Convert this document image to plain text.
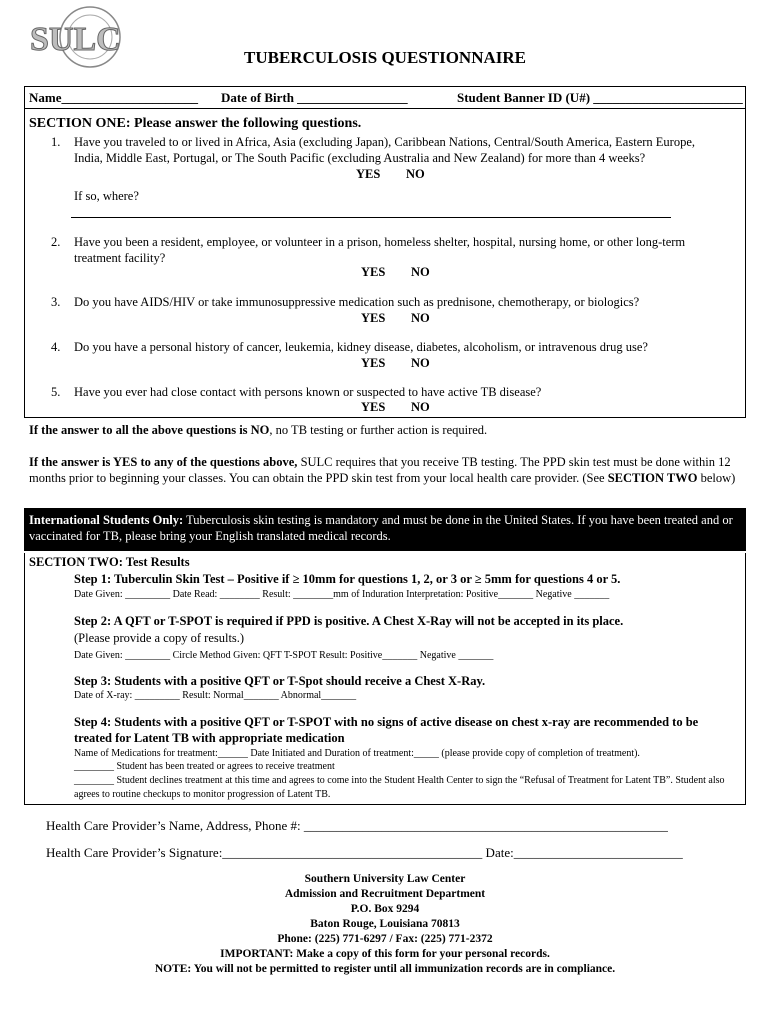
SULC	TUBERCULOSIS QUESTIONNAIRE
Name_____________________ Date of Birth _________________	Student Banner ID (U#) _______________________
SECTION ONE: Please answer the following questions.
1. Have you traveled to or lived in Africa, Asia (excluding Japan), Caribbean Nations, Central/South America, Eastern Europe, India, Middle East, Portugal, or The South Pacific (excluding Australia and New Zealand) for more than 4 weeks?
YES NO
If so, where?
2. Have you been a resident, employee, or volunteer in a prison, homeless shelter, hospital, nursing home, or other long-term treatment facility?
YES NO
3. Do you have AIDS/HIV or take immunosuppressive medication such as prednisone, chemotherapy, or biologics?
YES NO
4. Do you have a personal history of cancer, leukemia, kidney disease, diabetes, alcoholism, or intravenous drug use?
YES NO
5. Have you ever had close contact with persons known or suspected to have active TB disease?
YES NO
If the answer to all the above questions is NO, no TB testing or further action is required.
If the answer is YES to any of the questions above, SULC requires that you receive TB testing. The PPD skin test must be done within 12 months prior to beginning your classes. You can obtain the PPD skin test from your local health care provider. (See SECTION TWO below)
International Students Only: Tuberculosis skin testing is mandatory and must be done in the United States. If you have been treated and or vaccinated for TB, please bring your English translated medical records.
SECTION TWO: Test Results
Step 1: Tuberculin Skin Test – Positive if ≥ 10mm for questions 1, 2, or 3 or ≥ 5mm for questions 4 or 5.
Date Given: _________ Date Read: ________ Result: ________mm of Induration Interpretation: Positive_______ Negative _______
Step 2: A QFT or T-SPOT is required if PPD is positive. A Chest X-Ray will not be accepted in its place.
(Please provide a copy of results.)
Date Given: _________ Circle Method Given: QFT T-SPOT Result: Positive_______ Negative _______
Step 3: Students with a positive QFT or T-Spot should receive a Chest X-Ray.
Date of X-ray: _________ Result: Normal_______ Abnormal_______
Step 4: Students with a positive QFT or T-SPOT with no signs of active disease on chest x-ray are recommended to be treated for Latent TB with appropriate medication
Name of Medications for treatment:______ Date Initiated and Duration of treatment:_____ (please provide copy of completion of treatment).
________ Student has been treated or agrees to receive treatment
________ Student declines treatment at this time and agrees to come into the Student Health Center to sign the “Refusal of Treatment for Latent TB”. Student also agrees to routine checkups to monitor progression of Latent TB.
Health Care Provider’s Name, Address, Phone #: ________________________________________________________
Health Care Provider’s Signature:________________________________________ Date:__________________________
Southern University Law Center
Admission and Recruitment Department
P.O. Box 9294
Baton Rouge, Louisiana 70813
Phone: (225) 771-6297 / Fax: (225) 771-2372
IMPORTANT: Make a copy of this form for your personal records.
NOTE: You will not be permitted to register until all immunization records are in compliance.
